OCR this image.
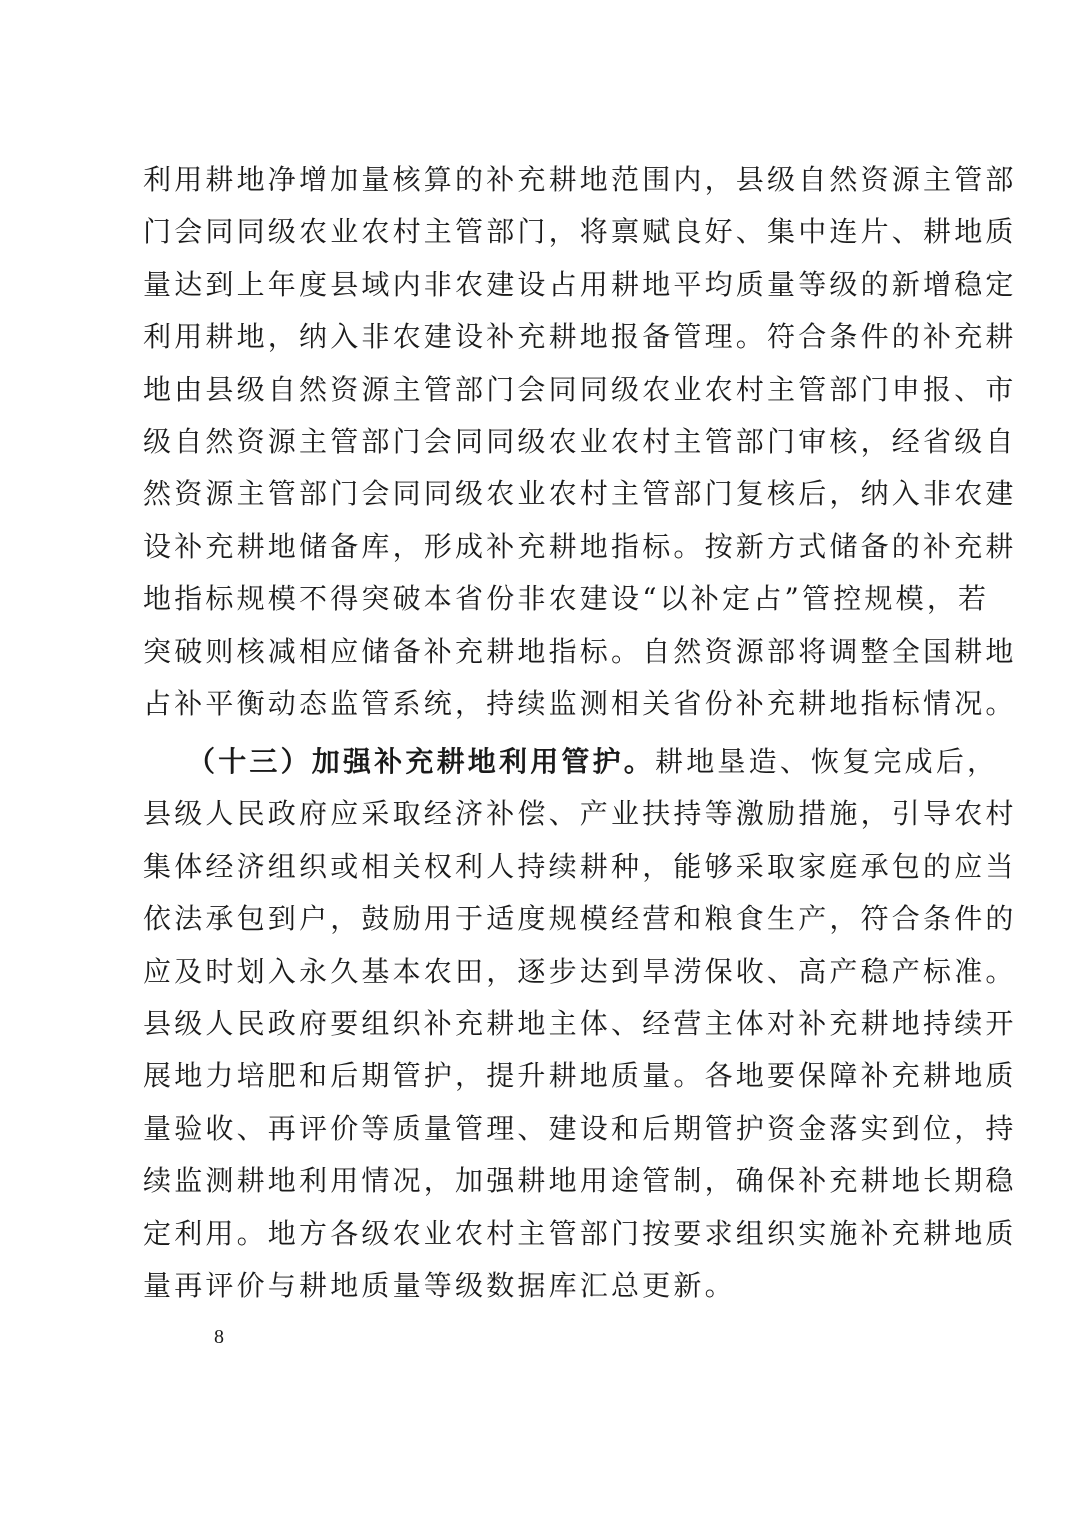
利用耕地净增加量核算的补充耕地范围内，县级自然资源主管部
门会同同级农业农村主管部门，将禀赋良好、集中连片、耕地质
量达到上年度县域内非农建设占用耕地平均质量等级的新增稳定
利用耕地，纳入非农建设补充耕地报备管理。符合条件的补充耕
地由县级自然资源主管部门会同同级农业农村主管部门申报、市
级自然资源主管部门会同同级农业农村主管部门审核，经省级自
然资源主管部门会同同级农业农村主管部门复核后，纳入非农建
设补充耕地储备库，形成补充耕地指标。按新方式储备的补充耕
地指标规模不得突破本省份非农建设“以补定占”管控规模，若
突破则核减相应储备补充耕地指标。自然资源部将调整全国耕地
占补平衡动态监管系统，持续监测相关省份补充耕地指标情况。
（十三）加强补充耕地利用管护。耕地垦造、恢复完成后，
县级人民政府应采取经济补偿、产业扶持等激励措施，引导农村
集体经济组织或相关权利人持续耕种，能够采取家庭承包的应当
依法承包到户，鼓励用于适度规模经营和粮食生产，符合条件的
应及时划入永久基本农田，逐步达到旱涝保收、高产稳产标准。
县级人民政府要组织补充耕地主体、经营主体对补充耕地持续开
展地力培肥和后期管护，提升耕地质量。各地要保障补充耕地质
量验收、再评价等质量管理、建设和后期管护资金落实到位，持
续监测耕地利用情况，加强耕地用途管制，确保补充耕地长期稳
定利用。地方各级农业农村主管部门按要求组织实施补充耕地质
量再评价与耕地质量等级数据库汇总更新。
8
